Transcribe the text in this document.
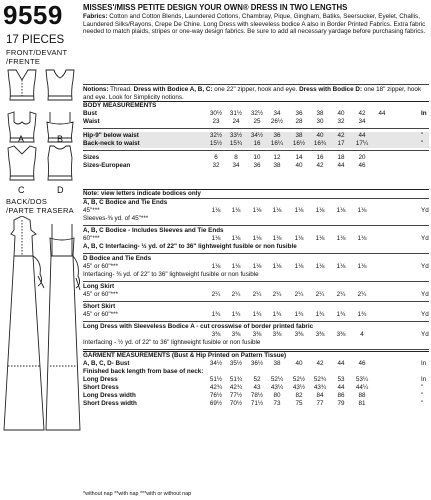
9559
17 PIECES
FRONT/DEVANT
/FRENTE
A	B
C	D
BACK/DOS
/PARTE TRASERA
MISSES'/MISS PETITE DESIGN YOUR OWN® DRESS IN TWO LENGTHS
Fabrics: Cotton and Cotton Blends, Laundered Cottons, Chambray, Pique, Gingham, Batiks, Seersucker, Eyelet, Challis, Laundered Silks/Rayons, Crepe De Chine. Long Dress with sleeveless bodice A also in Border Printed Fabrics. Extra fabric needed to match plaids, stripes or one-way design fabrics. Be sure to add all necessary yardage before purchasing fabrics.
Notions: Thread. Dress with Bodice A, B, C: one 22" zipper, hook and eye. Dress with Bodice D: one 18" zipper, hook and eye. Look for Simplicity notions.
BODY MEASUREMENTS
In
Note: view letters indicate bodices only
*without nap **with nap ***with or without nap
Bust	30½	31½	32½	34	36	38	40	42	44
Waist	23	24	25	26½	28	30	32	34
Hip-9" below waist	32½	33½	34½	36	38	40	42	44	"
Back-neck to waist	15½	15¾	16	16¼	16½	16¾	17	17¼	"
Sizes	6	8	10	12	14	16	18	20
Sizes-European	32	34	36	38	40	42	44	46
A, B, C Bodice and Tie Ends
45"***	1⅛	1⅛	1⅛	1⅛	1⅛	1⅛	1⅛	1⅛	Yd
Sleeves-⅜ yd. of 45"***
A, B, C Bodice - Includes Sleeves and Tie Ends
60"***	1⅛	1⅛	1⅛	1⅛	1⅛	1⅛	1⅛	1⅛	Yd
A, B, C Interfacing- ½ yd. of 22" to 36" lightweight fusible or non fusible
D Bodice and Tie Ends
45" or 60"***	1⅛	1⅛	1⅛	1⅛	1⅛	1⅛	1⅛	1⅛	Yd
Interfacing- ⅜ yd. of 22" to 36" lightweight fusible or non fusible
Long Skirt
45" or 60"***	2¼	2¼	2¼	2¼	2¼	2¼	2¼	2¼	Yd
Short Skirt
45" or 60"***	1¾	1¾	1¾	1¾	1¾	1¾	1¾	1¾	Yd
Long Dress with Sleeveless Bodice A - cut crosswise of border printed fabric
3⅜	3⅜	3⅜	3⅜	3⅜	3⅜	3⅜	4	Yd
Interfacing - ½ yd. of 22" to 36" lightweight fusible or non fusible
GARMENT MEASUREMENTS (Bust & Hip Printed on Pattern Tissue)
A, B, C, D- Bust	34½	35½	36½	38	40	42	44	46	In
Finished back length from base of neck:
Long Dress	51½	51¾	52	52¼	52½	52¾	53	53¼	In
Short Dress	42¾	42¾	43	43¼	43½	43¾	44	44¼	"
Long Dress width	76½	77½	78½	80	82	84	86	88	"
Short Dress width	69½	70½	71½	73	75	77	79	81	"
